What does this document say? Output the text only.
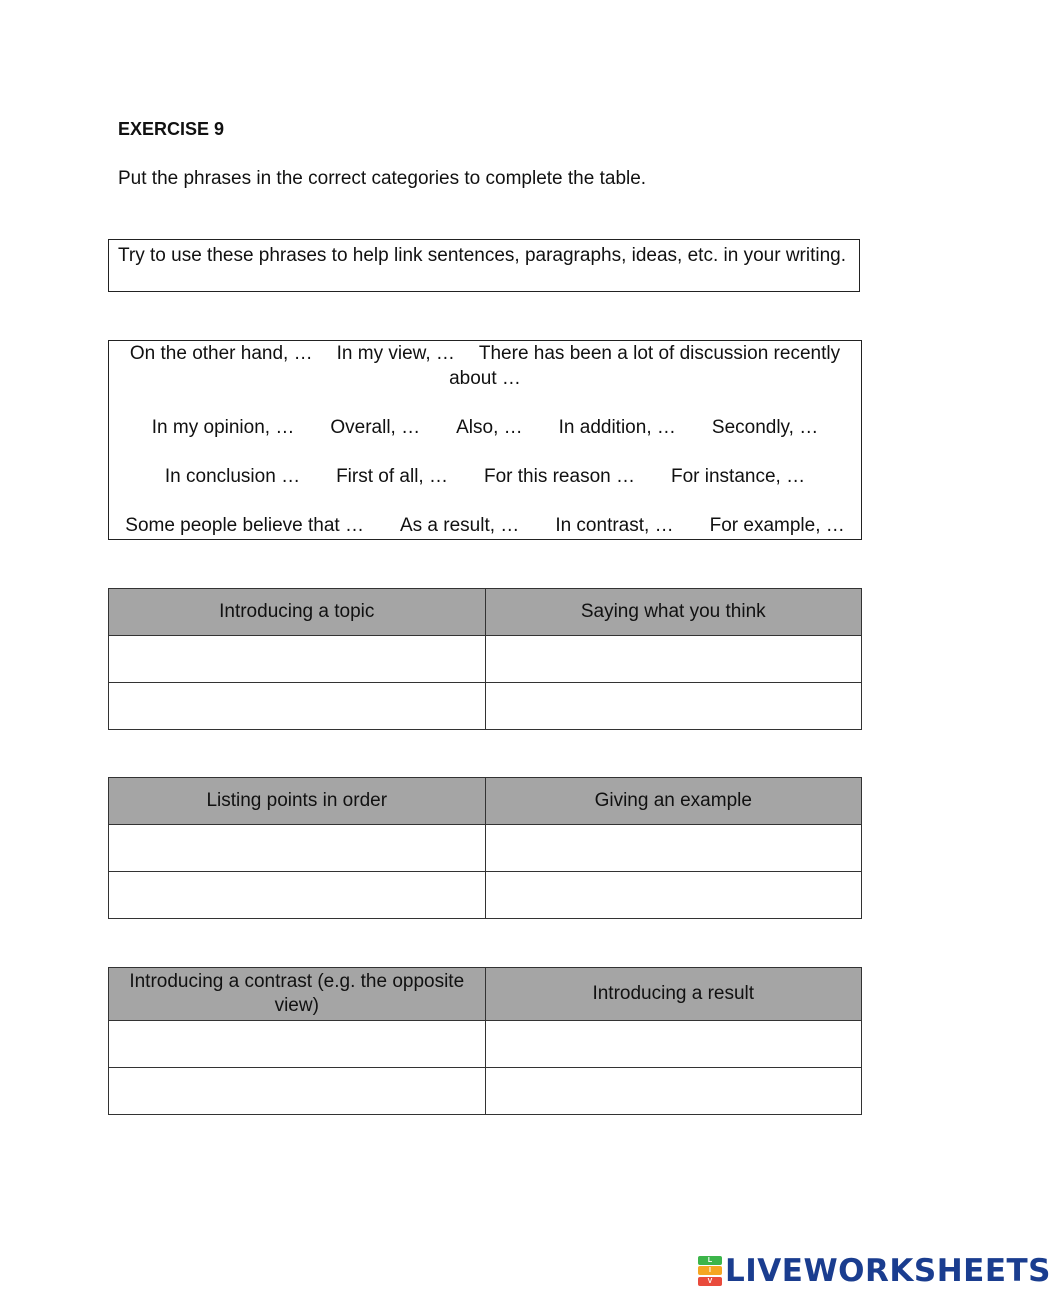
EXERCISE 9
Put the phrases in the correct categories to complete the table.
Try to use these phrases to help link sentences, paragraphs, ideas, etc. in your writing.
On the other hand, … In my view, … There has been a lot of discussion recently
about …
In my opinion, … Overall, … Also, … In addition, … Secondly, …
In conclusion … First of all, … For this reason … For instance, …
Some people believe that … As a result, … In contrast, … For example, …
Introducing a topic	Saying what you think

Listing points in order	Giving an example

Introducing a contrast (e.g. the opposite view)	Introducing a result

L
I
V LIVEWORKSHEETS
